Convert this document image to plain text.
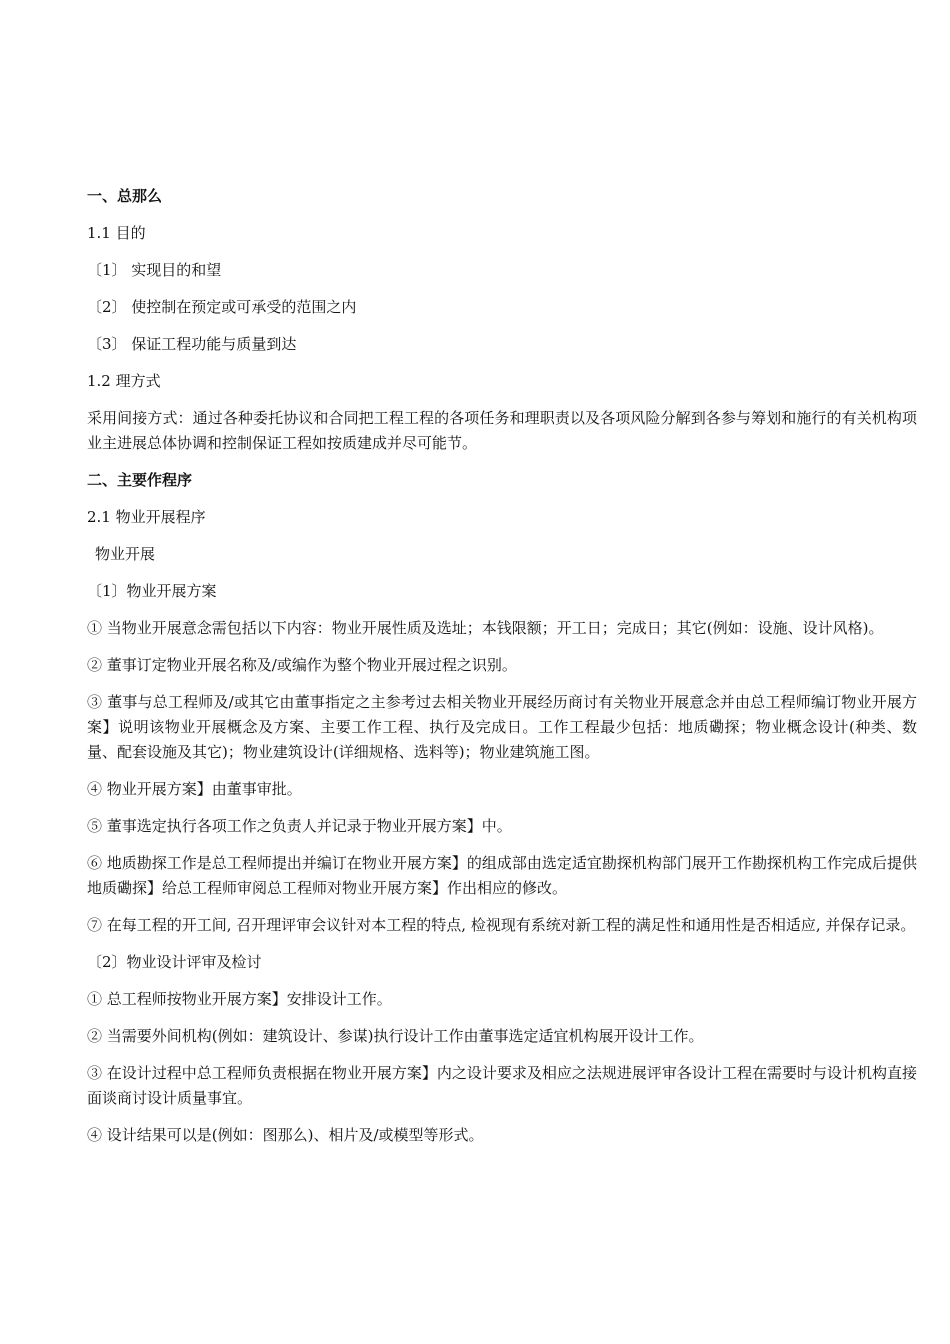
一、总那么
1.1 目的
〔1〕 实现目的和望
〔2〕 使控制在预定或可承受的范围之内
〔3〕 保证工程功能与质量到达
1.2 理方式
采用间接方式：通过各种委托协议和合同把工程工程的各项任务和理职责以及各项风险分解到各参与筹划和施行的有关机构项业主进展总体协调和控制保证工程如按质建成并尽可能节。
二、主要作程序
2.1 物业开展程序
物业开展
〔1〕物业开展方案
① 当物业开展意念需包括以下内容：物业开展性质及选址；本钱限额；开工日；完成日；其它(例如：设施、设计风格)。
② 董事订定物业开展名称及/或编作为整个物业开展过程之识别。
③ 董事与总工程师及/或其它由董事指定之主参考过去相关物业开展经历商讨有关物业开展意念并由总工程师编订物业开展方案】说明该物业开展概念及方案、主要工作工程、执行及完成日。工作工程最少包括：地质磡探；物业概念设计(种类、数量、配套设施及其它)；物业建筑设计(详细规格、选料等)；物业建筑施工图。
④ 物业开展方案】由董事审批。
⑤ 董事选定执行各项工作之负责人并记录于物业开展方案】中。
⑥ 地质勘探工作是总工程师提出并编订在物业开展方案】的组成部由选定适宜勘探机构部门展开工作勘探机构工作完成后提供地质磡探】给总工程师审阅总工程师对物业开展方案】作出相应的修改。
⑦ 在每工程的开工间, 召开理评审会议针对本工程的特点, 检视现有系统对新工程的满足性和通用性是否相适应, 并保存记录。
〔2〕物业设计评审及检讨
① 总工程师按物业开展方案】安排设计工作。
② 当需要外间机构(例如：建筑设计、参谋)执行设计工作由董事选定适宜机构展开设计工作。
③ 在设计过程中总工程师负责根据在物业开展方案】内之设计要求及相应之法规进展评审各设计工程在需要时与设计机构直接面谈商讨设计质量事宜。
④ 设计结果可以是(例如：图那么)、相片及/或模型等形式。
